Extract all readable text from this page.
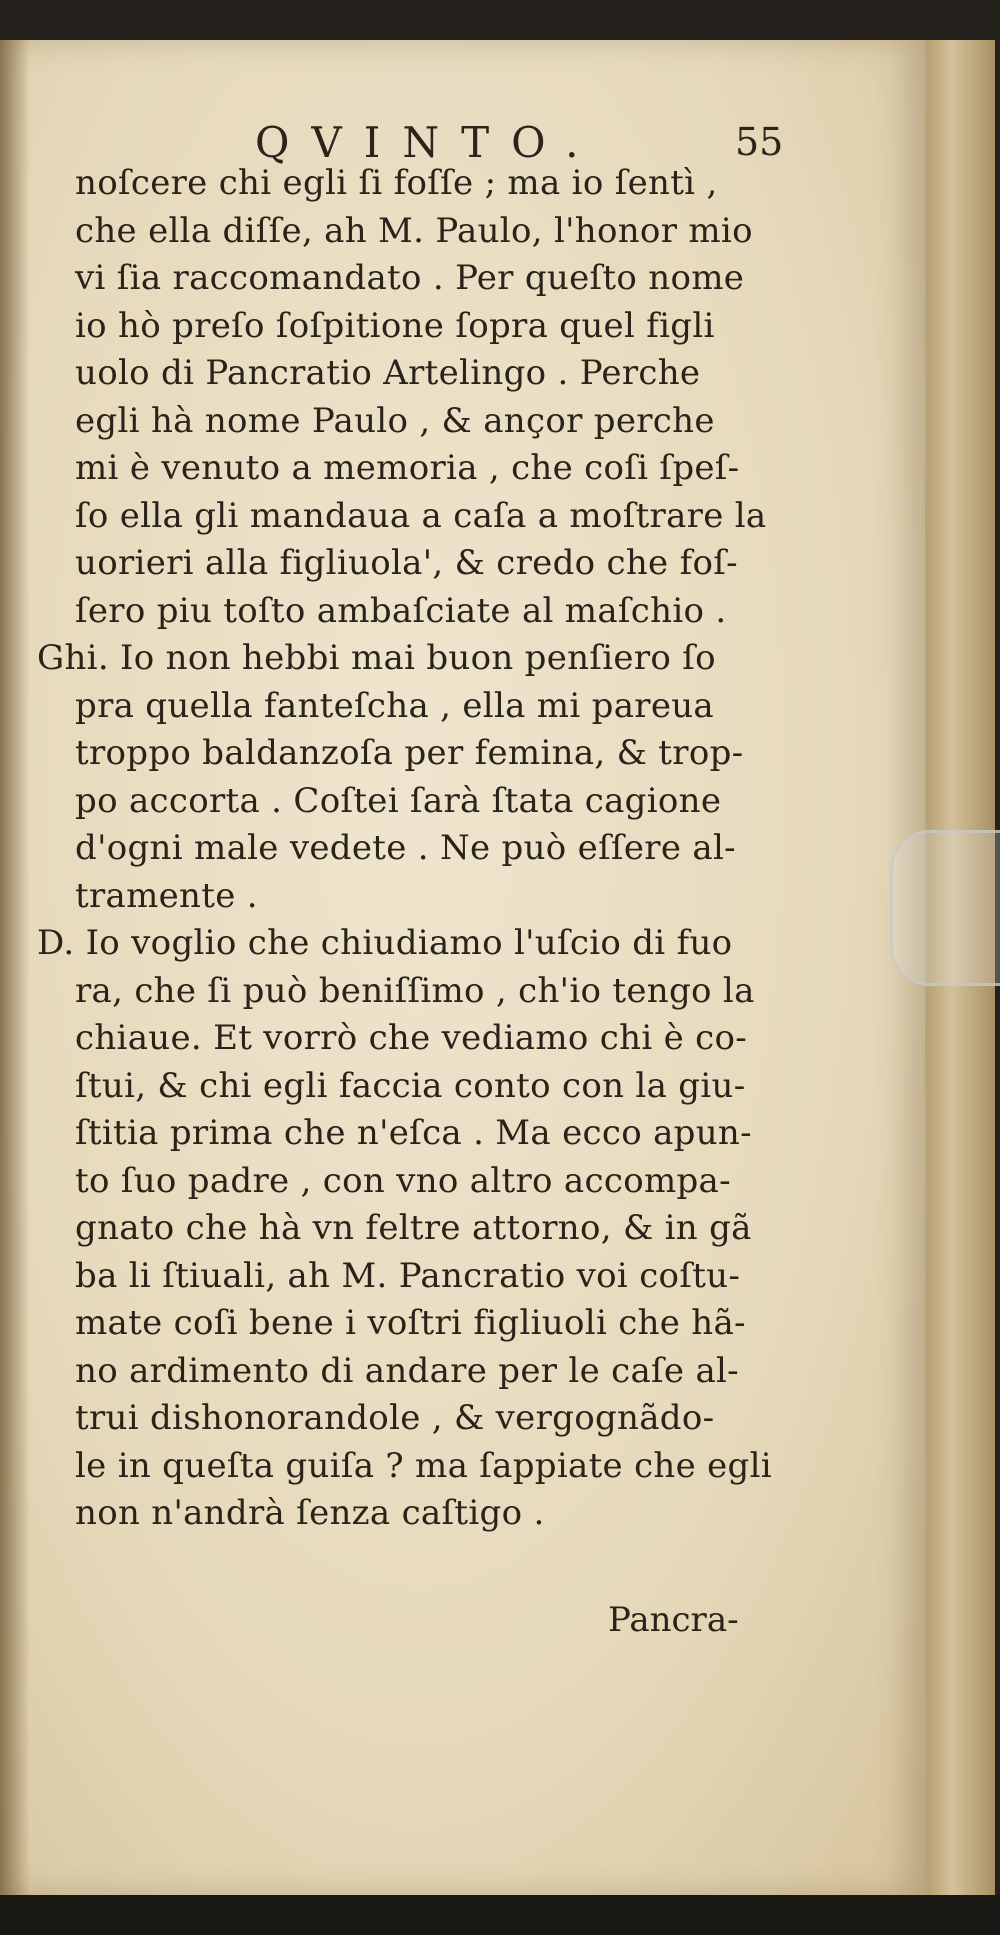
QVINTO.	55
noſcere chi egli ſi foſſe ; ma io ſentì ,
che ella diſſe, ah M. Paulo, l'honor mio
vi ſia raccomandato . Per queſto nome
io hò preſo ſoſpitione ſopra quel figli
uolo di Pancratio Artelingo . Perche
egli hà nome Paulo , & ançor perche
mi è venuto a memoria , che coſi ſpeſ-
ſo ella gli mandaua a caſa a moſtrare la
uorieri alla figliuola', & credo che foſ-
ſero piu toſto ambaſciate al maſchio .
Ghi. Io non hebbi mai buon penſiero ſo
pra quella fanteſcha , ella mi pareua
troppo baldanzoſa per femina, & trop-
po accorta . Coſtei ſarà ſtata cagione
d'ogni male vedete . Ne può eſſere al-
tramente .
D. Io voglio che chiudiamo l'uſcio di fuo
ra, che ſi può beniſſimo , ch'io tengo la
chiaue. Et vorrò che vediamo chi è co-
ſtui, & chi egli faccia conto con la giu-
ſtitia prima che n'eſca . Ma ecco apun-
to ſuo padre , con vno altro accompa-
gnato che hà vn feltre attorno, & in gã
ba li ſtiuali, ah M. Pancratio voi coſtu-
mate coſi bene i voſtri figliuoli che hã-
no ardimento di andare per le caſe al-
trui dishonorandole , & vergognãdo-
le in queſta guiſa ? ma ſappiate che egli
non n'andrà ſenza caſtigo .
Pancra-
